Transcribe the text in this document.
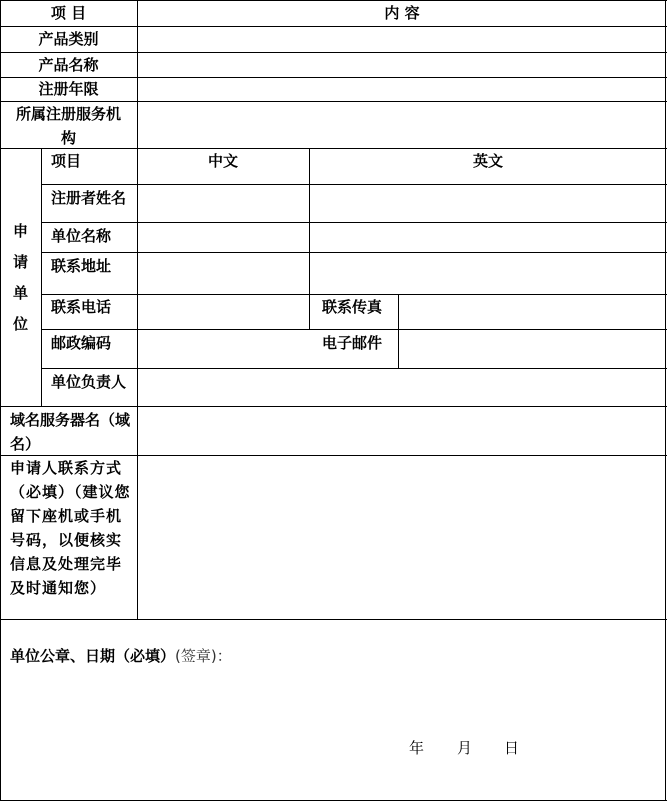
项 目	内 容
产品类别
产品名称
注册年限
所属注册服务机构
申
请
单
位
项目	中文	英文
注册者姓名
单位名称
联系地址
联系电话	联系传真
邮政编码	电子邮件
单位负责人
域名服务器名（域名）
申请人联系方式（必填）（建议您留下座机或手机号码，以便核实信息及处理完毕及时通知您）
单位公章、日期（必填）(签章)：
年 月 日
